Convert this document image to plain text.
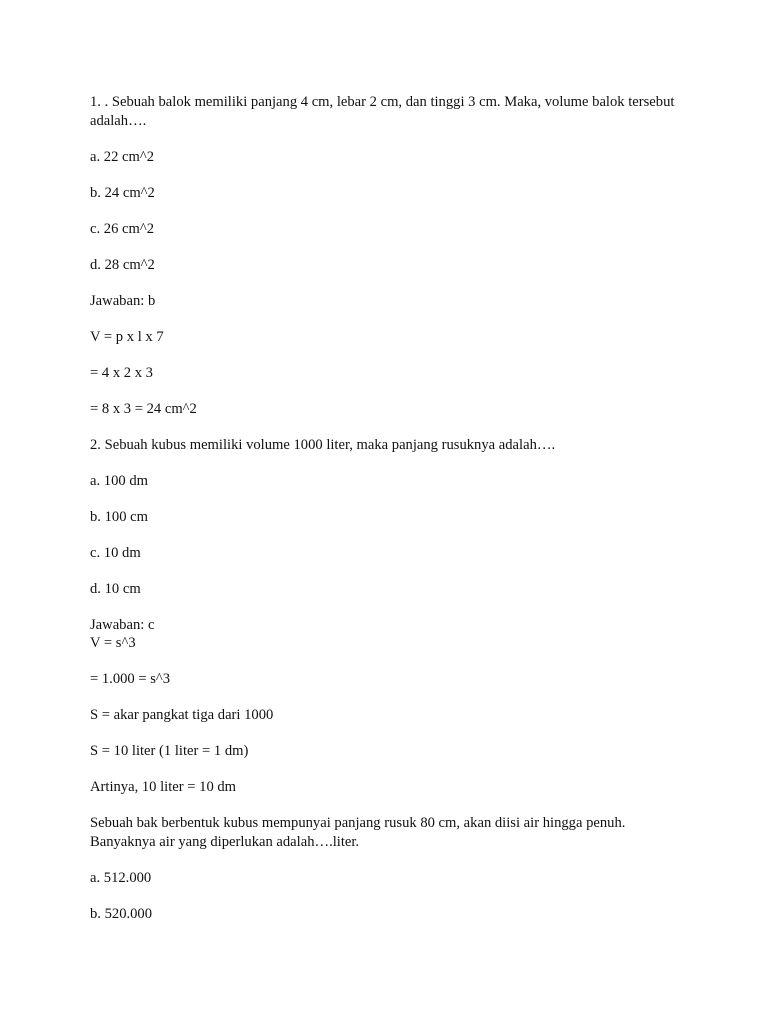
1. . Sebuah balok memiliki panjang 4 cm, lebar 2 cm, dan tinggi 3 cm. Maka, volume balok tersebut adalah….

a. 22 cm^2

b. 24 cm^2

c. 26 cm^2

d. 28 cm^2

Jawaban: b

V = p x l x 7

= 4 x 2 x 3

= 8 x 3 = 24 cm^2

2. Sebuah kubus memiliki volume 1000 liter, maka panjang rusuknya adalah….

a. 100 dm

b. 100 cm

c. 10 dm

d. 10 cm

Jawaban: c

V = s^3

= 1.000 = s^3

S = akar pangkat tiga dari 1000

S = 10 liter (1 liter = 1 dm)

Artinya, 10 liter = 10 dm

Sebuah bak berbentuk kubus mempunyai panjang rusuk 80 cm, akan diisi air hingga penuh. Banyaknya air yang diperlukan adalah….liter.

a. 512.000

b. 520.000
